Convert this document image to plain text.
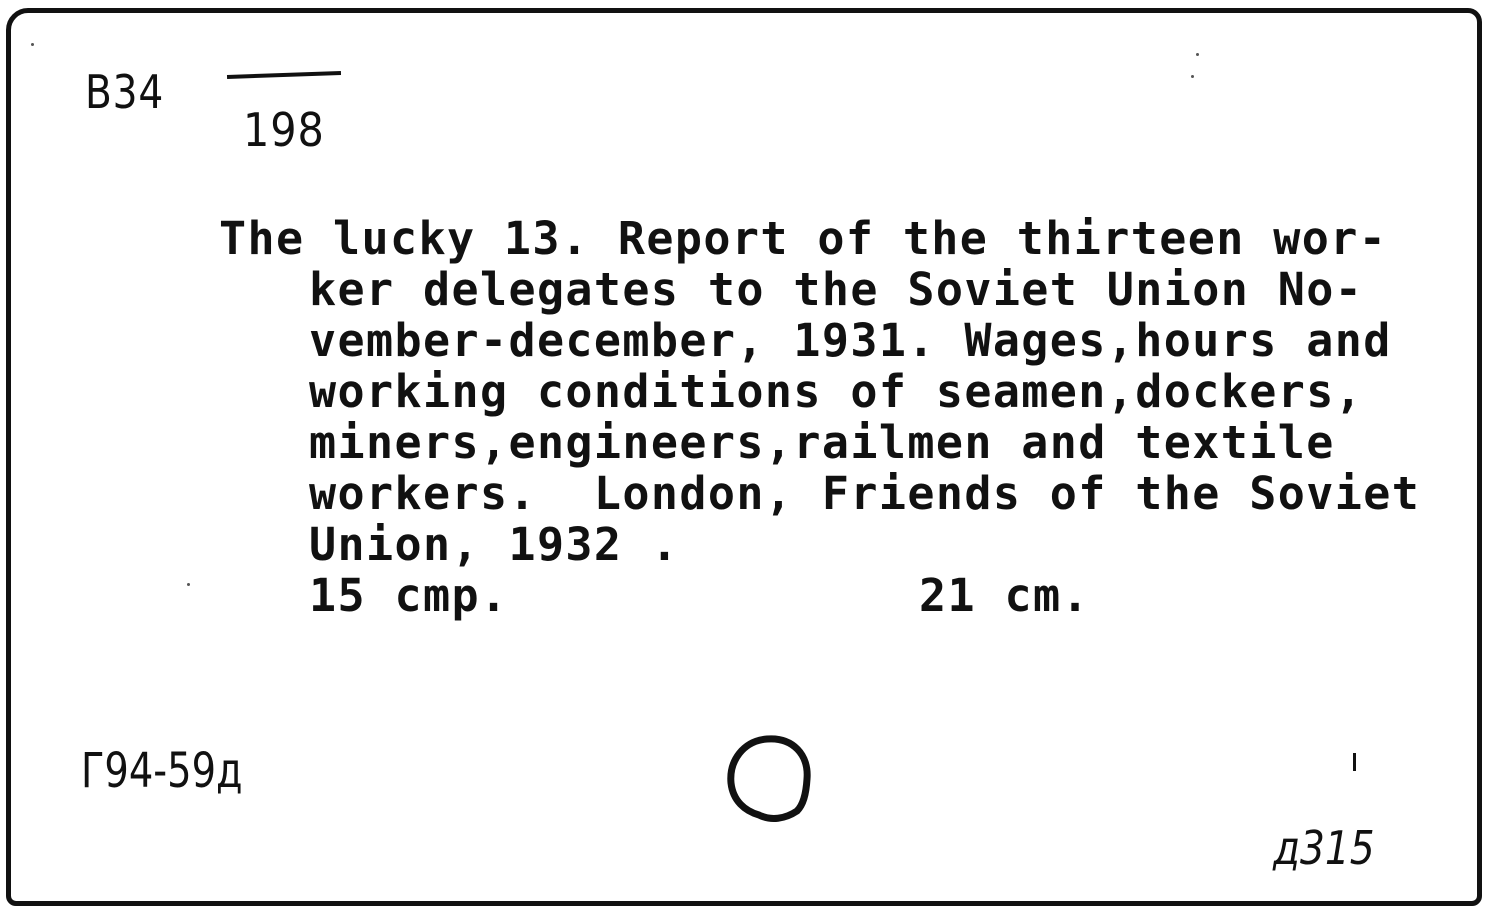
B34
198
The lucky 13. Report of the thirteen wor-
ker delegates to the Soviet Union No-
vember-december, 1931. Wages,hours and
working conditions of seamen,dockers,
miners,engineers,railmen and textile
workers.  London, Friends of the Soviet
Union, 1932 .
15 cmp.	21 cm.
Г94-59д
д315
